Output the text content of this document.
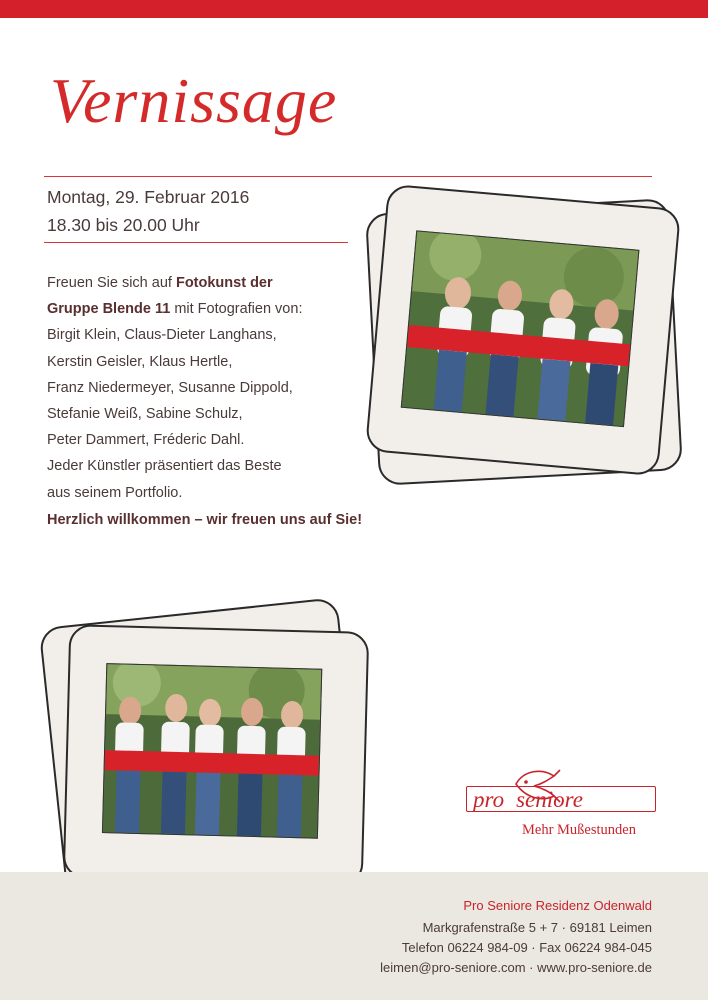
Vernissage
Montag, 29. Februar 2016
18.30 bis 20.00 Uhr

Freuen Sie sich auf Fotokunst der
Gruppe Blende 11 mit Fotografien von:
Birgit Klein, Claus-Dieter Langhans,
Kerstin Geisler, Klaus Hertle,
Franz Niedermeyer, Susanne Dippold,
Stefanie Weiß, Sabine Schulz,
Peter Dammert, Fréderic Dahl.
Jeder Künstler präsentiert das Beste
aus seinem Portfolio.

Herzlich willkommen – wir freuen uns auf Sie!

pro seniore
Mehr Mußestunden
Pro Seniore Residenz Odenwald
Markgrafenstraße 5 + 7 · 69181 Leimen
Telefon 06224 984-09 · Fax 06224 984-045
leimen@pro-seniore.com · www.pro-seniore.de
